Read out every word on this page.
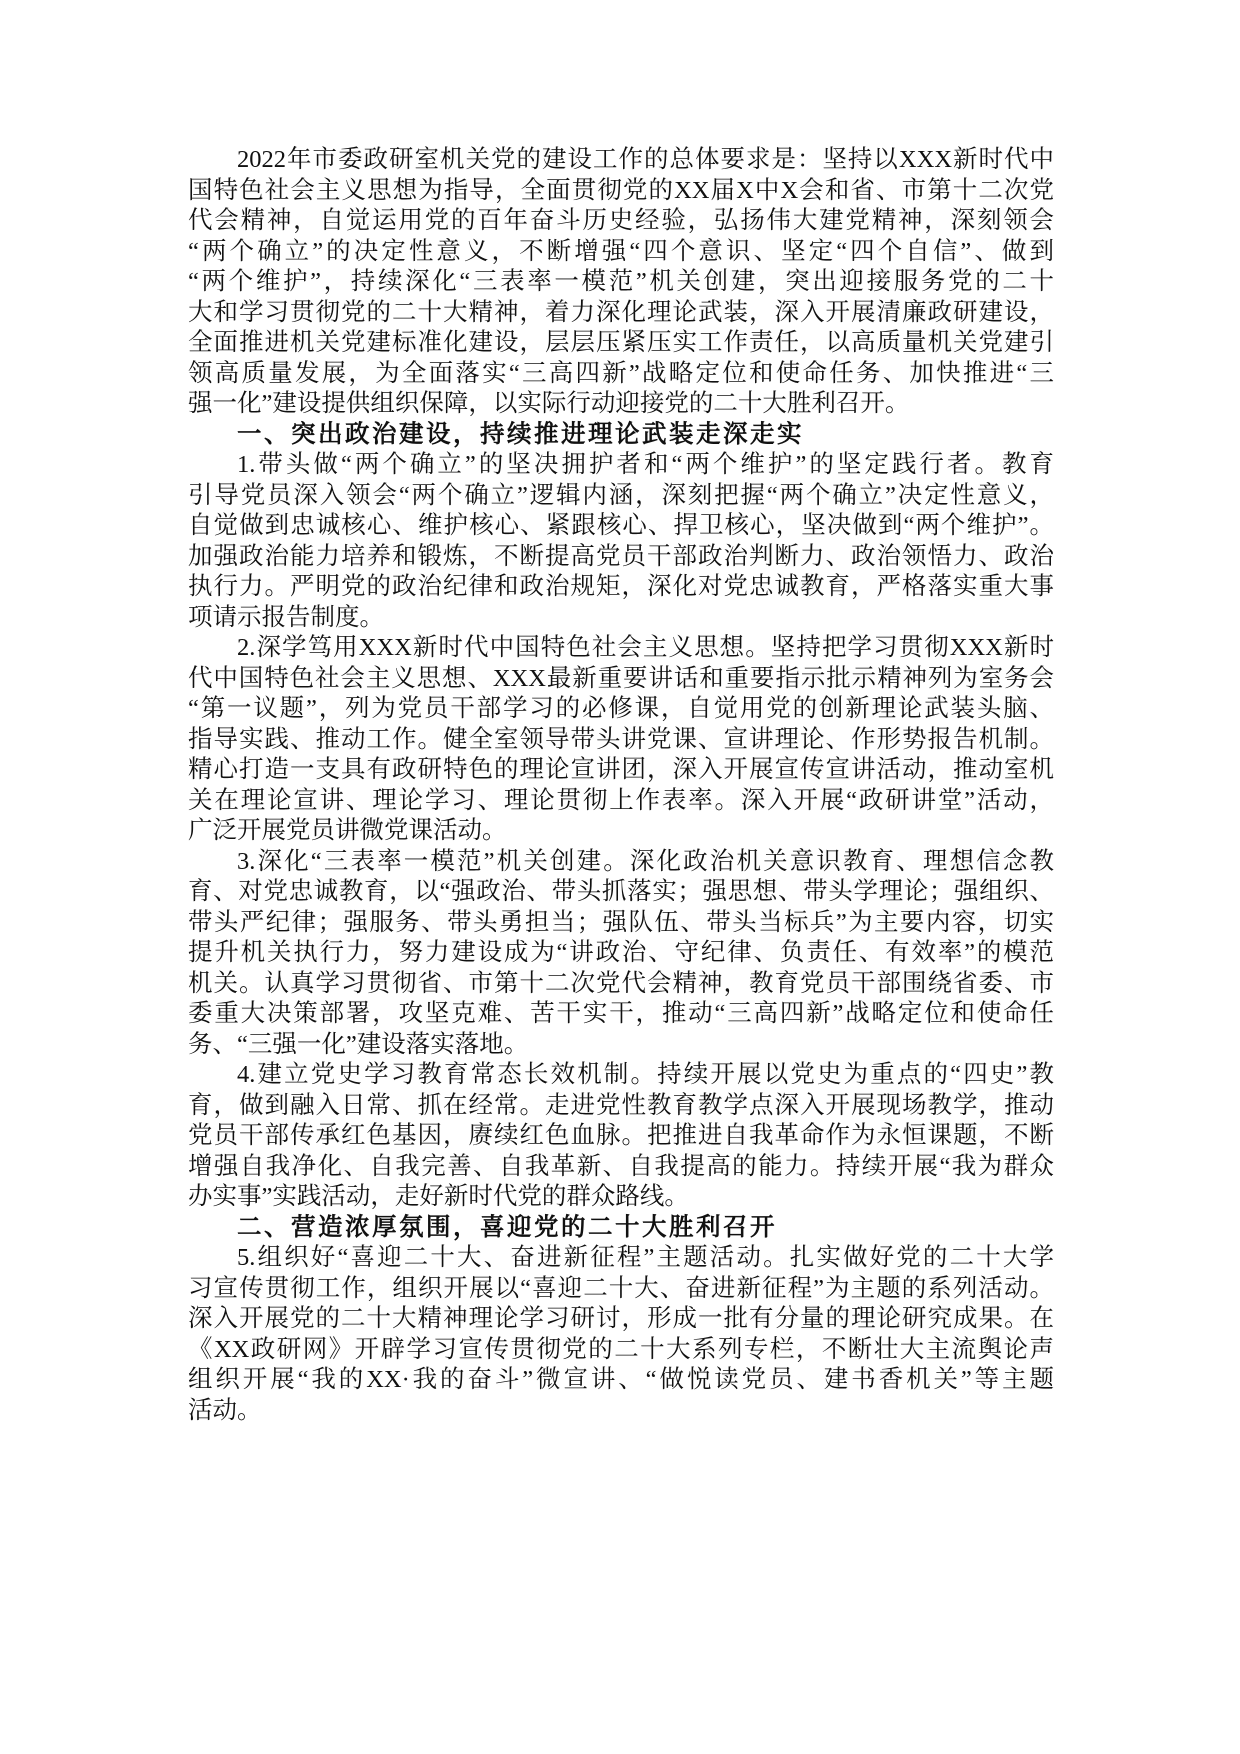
2022年市委政研室机关党的建设工作的总体要求是：坚持以XXX新时代中
国特色社会主义思想为指导，全面贯彻党的XX届X中X会和省、市第十二次党
代会精神，自觉运用党的百年奋斗历史经验，弘扬伟大建党精神，深刻领会
“两个确立”的决定性意义，不断增强“四个意识、坚定“四个自信”、做到
“两个维护”，持续深化“三表率一模范”机关创建，突出迎接服务党的二十
大和学习贯彻党的二十大精神，着力深化理论武装，深入开展清廉政研建设，
全面推进机关党建标准化建设，层层压紧压实工作责任，以高质量机关党建引
领高质量发展，为全面落实“三高四新”战略定位和使命任务、加快推进“三
强一化”建设提供组织保障，以实际行动迎接党的二十大胜利召开。
一、突出政治建设，持续推进理论武装走深走实
1.带头做“两个确立”的坚决拥护者和“两个维护”的坚定践行者。教育
引导党员深入领会“两个确立”逻辑内涵，深刻把握“两个确立”决定性意义，
自觉做到忠诚核心、维护核心、紧跟核心、捍卫核心，坚决做到“两个维护”。
加强政治能力培养和锻炼，不断提高党员干部政治判断力、政治领悟力、政治
执行力。严明党的政治纪律和政治规矩，深化对党忠诚教育，严格落实重大事
项请示报告制度。
2.深学笃用XXX新时代中国特色社会主义思想。坚持把学习贯彻XXX新时
代中国特色社会主义思想、XXX最新重要讲话和重要指示批示精神列为室务会
“第一议题”，列为党员干部学习的必修课，自觉用党的创新理论武装头脑、
指导实践、推动工作。健全室领导带头讲党课、宣讲理论、作形势报告机制。
精心打造一支具有政研特色的理论宣讲团，深入开展宣传宣讲活动，推动室机
关在理论宣讲、理论学习、理论贯彻上作表率。深入开展“政研讲堂”活动，
广泛开展党员讲微党课活动。
3.深化“三表率一模范”机关创建。深化政治机关意识教育、理想信念教
育、对党忠诚教育，以“强政治、带头抓落实；强思想、带头学理论；强组织、
带头严纪律；强服务、带头勇担当；强队伍、带头当标兵”为主要内容，切实
提升机关执行力，努力建设成为“讲政治、守纪律、负责任、有效率”的模范
机关。认真学习贯彻省、市第十二次党代会精神，教育党员干部围绕省委、市
委重大决策部署，攻坚克难、苦干实干，推动“三高四新”战略定位和使命任
务、“三强一化”建设落实落地。
4.建立党史学习教育常态长效机制。持续开展以党史为重点的“四史”教
育，做到融入日常、抓在经常。走进党性教育教学点深入开展现场教学，推动
党员干部传承红色基因，赓续红色血脉。把推进自我革命作为永恒课题，不断
增强自我净化、自我完善、自我革新、自我提高的能力。持续开展“我为群众
办实事”实践活动，走好新时代党的群众路线。
二、营造浓厚氛围，喜迎党的二十大胜利召开
5.组织好“喜迎二十大、奋进新征程”主题活动。扎实做好党的二十大学
习宣传贯彻工作，组织开展以“喜迎二十大、奋进新征程”为主题的系列活动。
深入开展党的二十大精神理论学习研讨，形成一批有分量的理论研究成果。在
《XX政研网》开辟学习宣传贯彻党的二十大系列专栏，不断壮大主流舆论声
组织开展“我的XX·我的奋斗”微宣讲、“做悦读党员、建书香机关”等主题
活动。
